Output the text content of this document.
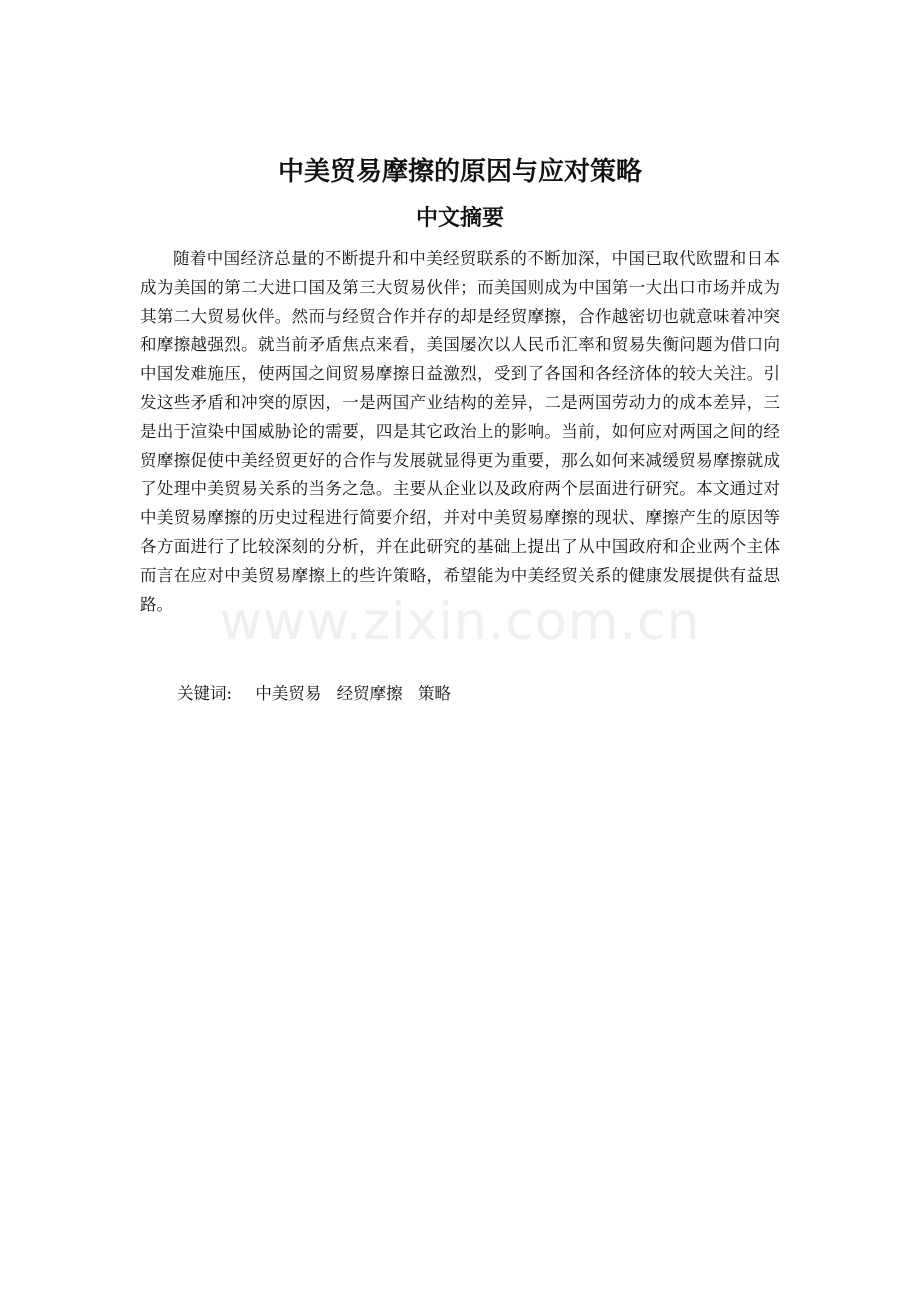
www.zixin.com.cn
中美贸易摩擦的原因与应对策略
中文摘要

随着中国经济总量的不断提升和中美经贸联系的不断加深，中国已取代欧盟和日本成为美国的第二大进口国及第三大贸易伙伴；而美国则成为中国第一大出口市场并成为其第二大贸易伙伴。然而与经贸合作并存的却是经贸摩擦，合作越密切也就意味着冲突和摩擦越强烈。就当前矛盾焦点来看，美国屡次以人民币汇率和贸易失衡问题为借口向中国发难施压，使两国之间贸易摩擦日益激烈，受到了各国和各经济体的较大关注。引发这些矛盾和冲突的原因，一是两国产业结构的差异，二是两国劳动力的成本差异，三是出于渲染中国威胁论的需要，四是其它政治上的影响。当前，如何应对两国之间的经贸摩擦促使中美经贸更好的合作与发展就显得更为重要，那么如何来减缓贸易摩擦就成了处理中美贸易关系的当务之急。主要从企业以及政府两个层面进行研究。本文通过对中美贸易摩擦的历史过程进行简要介绍，并对中美贸易摩擦的现状、摩擦产生的原因等各方面进行了比较深刻的分析，并在此研究的基础上提出了从中国政府和企业两个主体而言在应对中美贸易摩擦上的些许策略，希望能为中美经贸关系的健康发展提供有益思路。

关键词: 中美贸易 经贸摩擦 策略
